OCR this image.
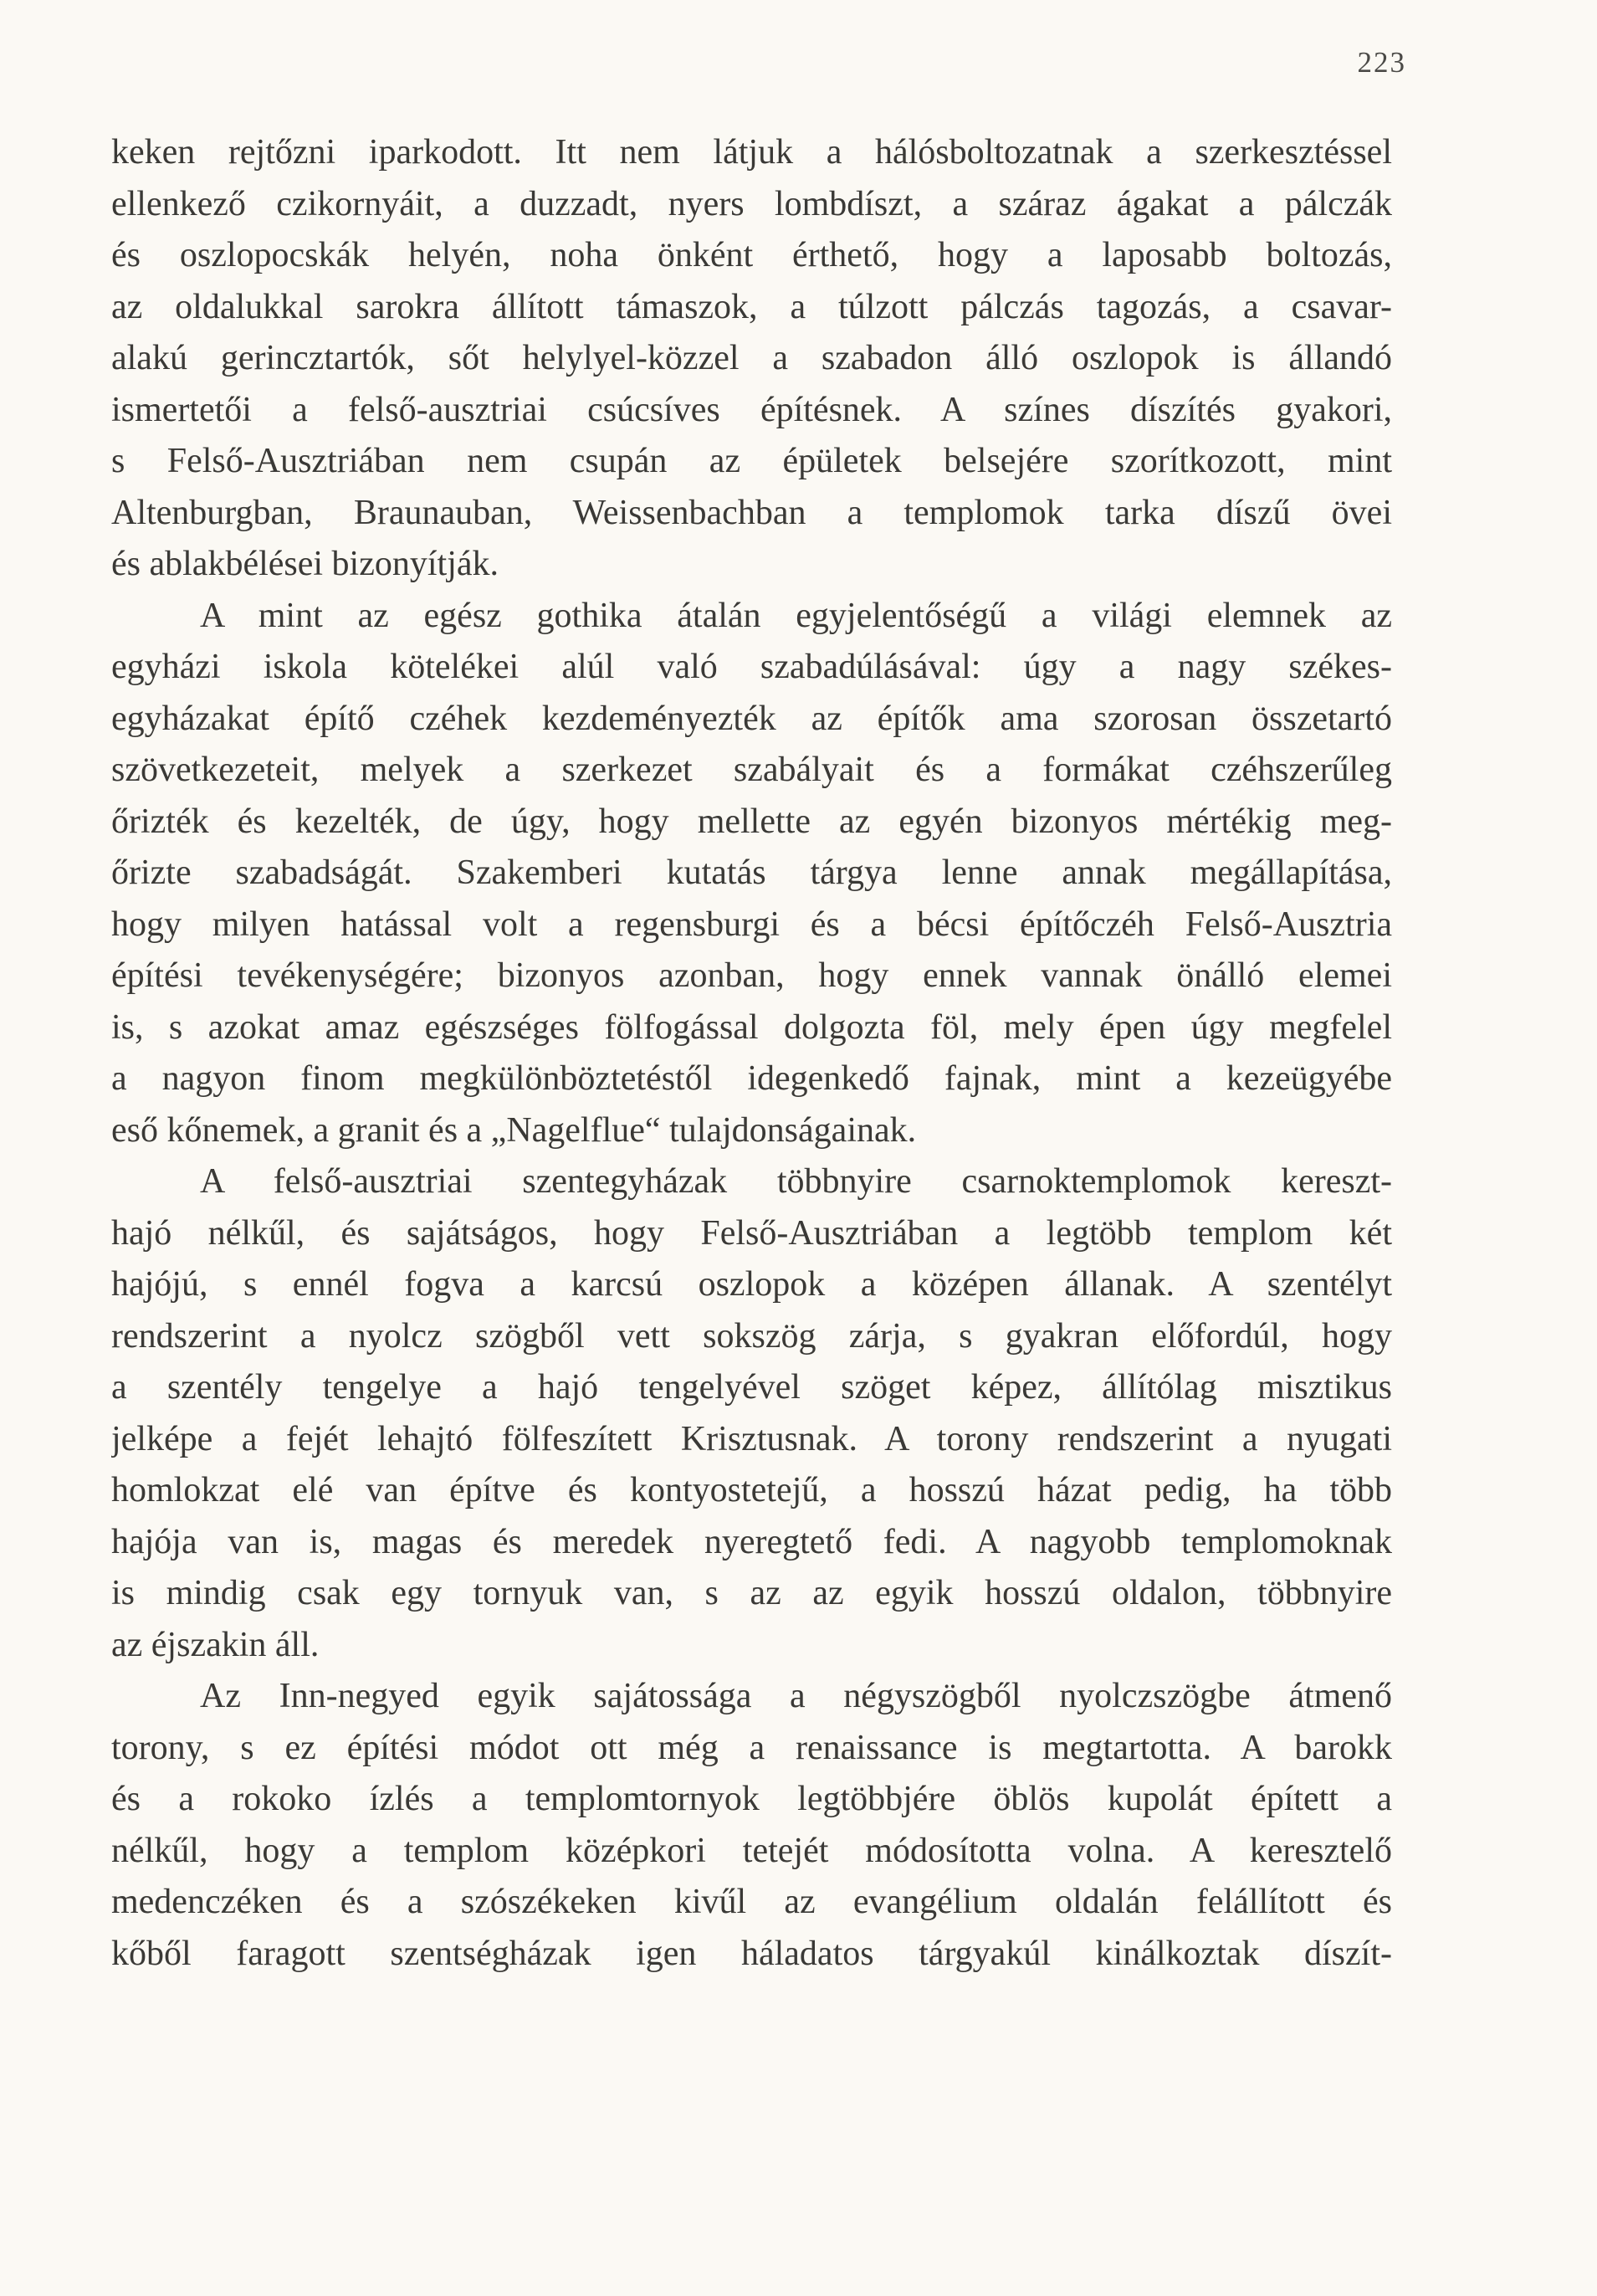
223
keken rejtőzni iparkodott. Itt nem látjuk a hálósboltozatnak a szerkesztéssel
ellenkező czikornyáit, a duzzadt, nyers lombdíszt, a száraz ágakat a pálczák
és oszlopocskák helyén, noha önként érthető, hogy a laposabb boltozás,
az oldalukkal sarokra állított támaszok, a túlzott pálczás tagozás, a csavar-
alakú gerincztartók, sőt helylyel-közzel a szabadon álló oszlopok is állandó
ismertetői a felső-ausztriai csúcsíves építésnek. A színes díszítés gyakori,
s Felső-Ausztriában nem csupán az épületek belsejére szorítkozott, mint
Altenburgban, Braunauban, Weissenbachban a templomok tarka díszű övei
és ablakbélései bizonyítják.
A mint az egész gothika átalán egyjelentőségű a világi elemnek az
egyházi iskola kötelékei alúl való szabadúlásával: úgy a nagy székes-
egyházakat építő czéhek kezdeményezték az építők ama szorosan összetartó
szövetkezeteit, melyek a szerkezet szabályait és a formákat czéhszerűleg
őrizték és kezelték, de úgy, hogy mellette az egyén bizonyos mértékig meg-
őrizte szabadságát. Szakemberi kutatás tárgya lenne annak megállapítása,
hogy milyen hatással volt a regensburgi és a bécsi építőczéh Felső-Ausztria
építési tevékenységére; bizonyos azonban, hogy ennek vannak önálló elemei
is, s azokat amaz egészséges fölfogással dolgozta föl, mely épen úgy megfelel
a nagyon finom megkülönböztetéstől idegenkedő fajnak, mint a kezeügyébe
eső kőnemek, a granit és a „Nagelflue“ tulajdonságainak.
A felső-ausztriai szentegyházak többnyire csarnoktemplomok kereszt-
hajó nélkűl, és sajátságos, hogy Felső-Ausztriában a legtöbb templom két
hajójú, s ennél fogva a karcsú oszlopok a középen állanak. A szentélyt
rendszerint a nyolcz szögből vett sokszög zárja, s gyakran előfordúl, hogy
a szentély tengelye a hajó tengelyével szöget képez, állítólag misztikus
jelképe a fejét lehajtó fölfeszített Krisztusnak. A torony rendszerint a nyugati
homlokzat elé van építve és kontyostetejű, a hosszú házat pedig, ha több
hajója van is, magas és meredek nyeregtető fedi. A nagyobb templomoknak
is mindig csak egy tornyuk van, s az az egyik hosszú oldalon, többnyire
az éjszakin áll.
Az Inn-negyed egyik sajátossága a négyszögből nyolczszögbe átmenő
torony, s ez építési módot ott még a renaissance is megtartotta. A barokk
és a rokoko ízlés a templomtornyok legtöbbjére öblös kupolát épített a
nélkűl, hogy a templom középkori tetejét módosította volna. A keresztelő
medenczéken és a szószékeken kivűl az evangélium oldalán felállított és
kőből faragott szentségházak igen háladatos tárgyakúl kinálkoztak díszít-
